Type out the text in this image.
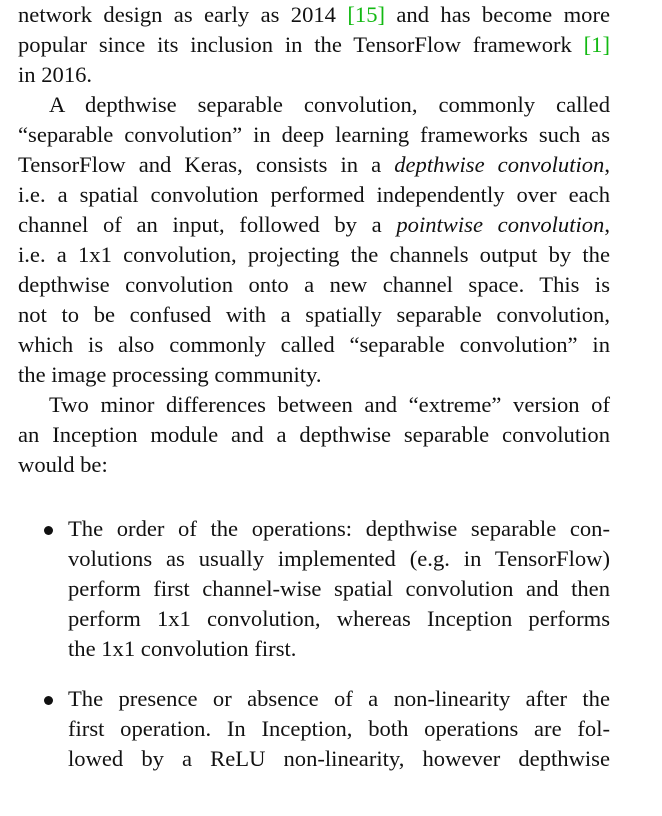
network design as early as 2014 [15] and has become more
popular since its inclusion in the TensorFlow framework [1]
in 2016.
A depthwise separable convolution, commonly called
“separable convolution” in deep learning frameworks such as
TensorFlow and Keras, consists in a depthwise convolution,
i.e. a spatial convolution performed independently over each
channel of an input, followed by a pointwise convolution,
i.e. a 1x1 convolution, projecting the channels output by the
depthwise convolution onto a new channel space. This is
not to be confused with a spatially separable convolution,
which is also commonly called “separable convolution” in
the image processing community.
Two minor differences between and “extreme” version of
an Inception module and a depthwise separable convolution
would be:
The order of the operations: depthwise separable con-
volutions as usually implemented (e.g. in TensorFlow)
perform first channel-wise spatial convolution and then
perform 1x1 convolution, whereas Inception performs
the 1x1 convolution first.
The presence or absence of a non-linearity after the
first operation. In Inception, both operations are fol-
lowed by a ReLU non-linearity, however depthwise
